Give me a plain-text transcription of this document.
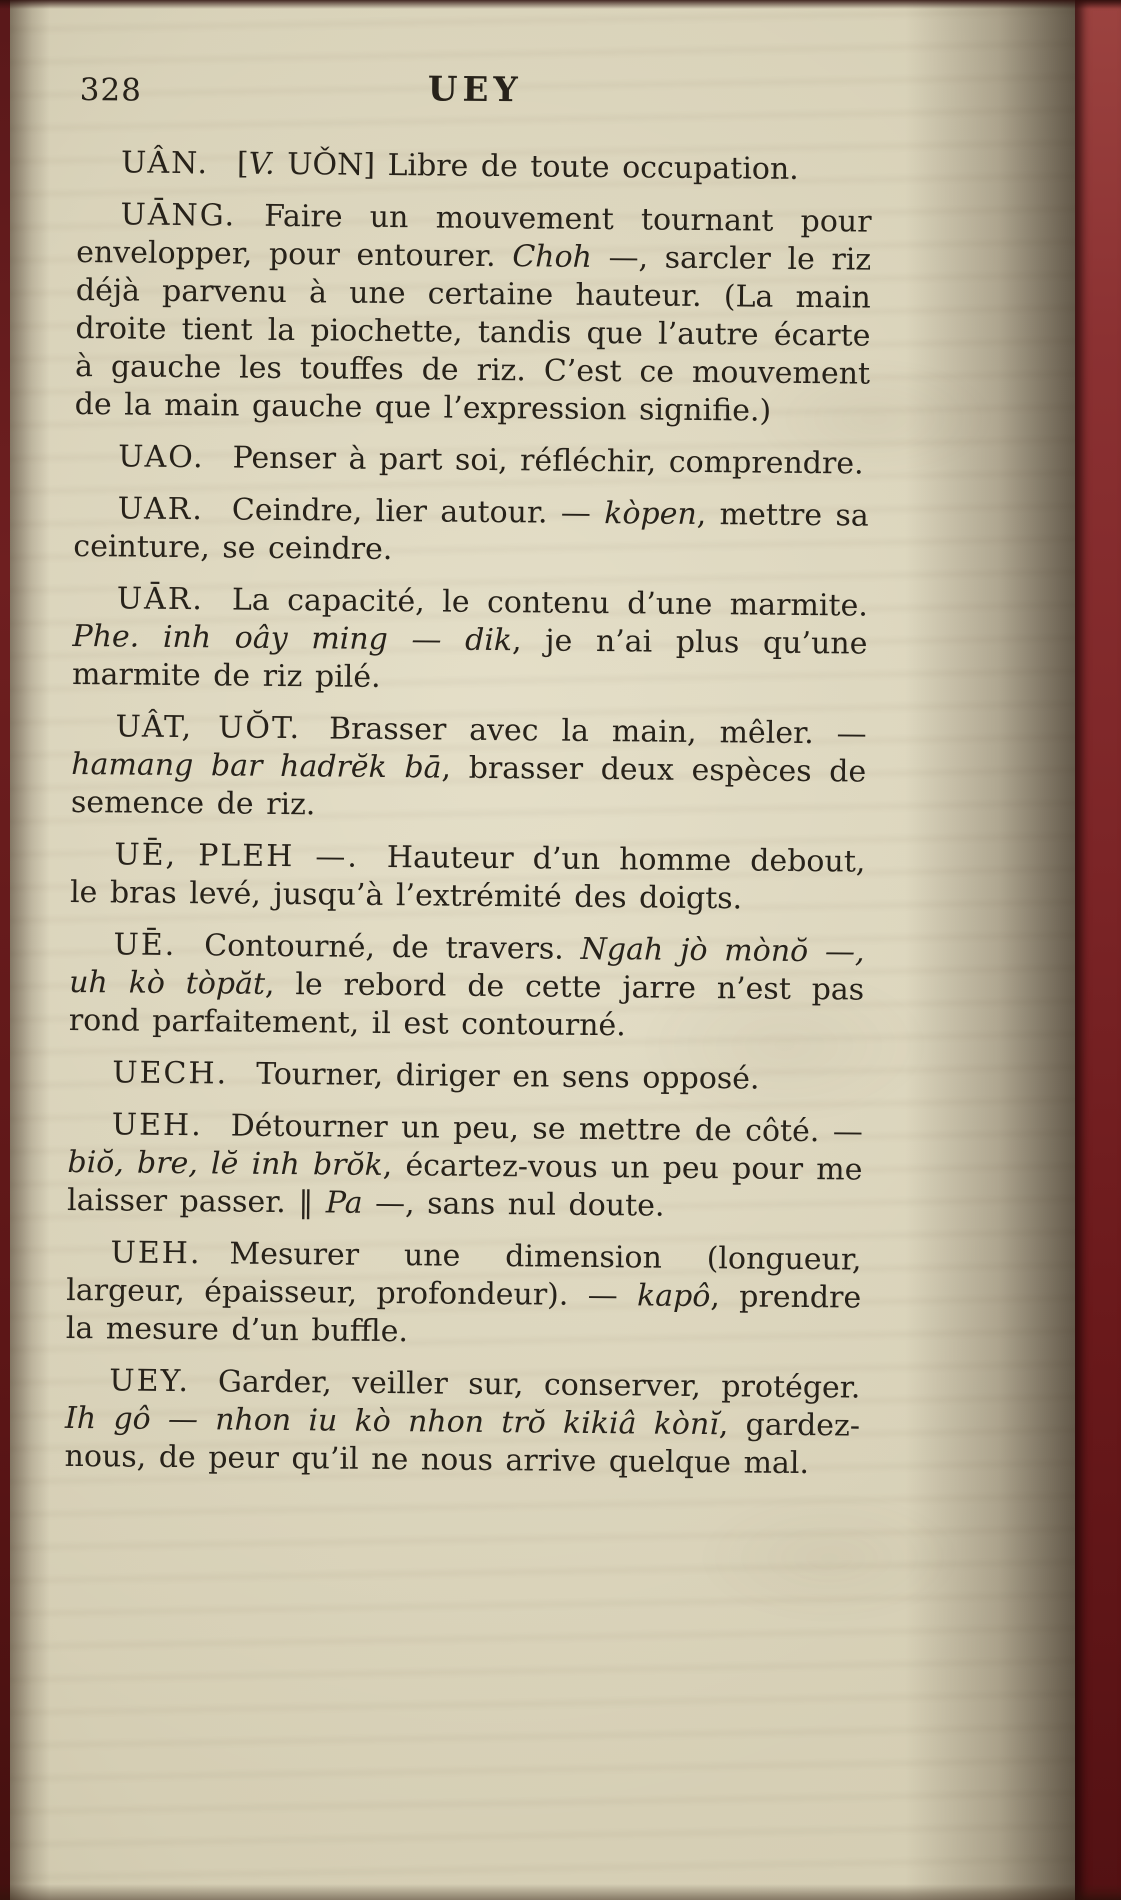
328	UEY

UÂN. [V. UǑN] Libre de toute occupation.

UĀNG. Faire un mouvement tournant pour envelopper, pour entourer. Choh —, sarcler le riz déjà parvenu à une certaine hauteur. (La main droite tient la piochette, tandis que l’autre écarte à gauche les touffes de riz. C’est ce mouvement de la main gauche que l’expression signifie.)

UAO. Penser à part soi, réfléchir, comprendre.

UAR. Ceindre, lier autour. — kòpen, mettre sa ceinture, se ceindre.

UĀR. La capacité, le contenu d’une marmite. Phe. inh oây ming — dik, je n’ai plus qu’une marmite de riz pilé.

UÂT, UŎT. Brasser avec la main, mêler. — hamang bar hadrĕk bā, brasser deux espèces de semence de riz.

UĒ, PLEH —. Hauteur d’un homme debout, le bras levé, jusqu’à l’extrémité des doigts.

UĒ. Contourné, de travers. Ngah jò mònŏ —, uh kò tòpăt, le rebord de cette jarre n’est pas rond parfaitement, il est contourné.

UECH. Tourner, diriger en sens opposé.

UEH. Détourner un peu, se mettre de côté. — biŏ, bre, lĕ inh brŏk, écartez-vous un peu pour me laisser passer. ‖ Pa —, sans nul doute.

UEH. Mesurer une dimension (longueur, largeur, épaisseur, profondeur). — kapô, prendre la mesure d’un buffle.

UEY. Garder, veiller sur, conserver, protéger. Ih gô — nhon iu kò nhon trŏ kikiâ kònĭ, gardez-nous, de peur qu’il ne nous arrive quelque mal.
